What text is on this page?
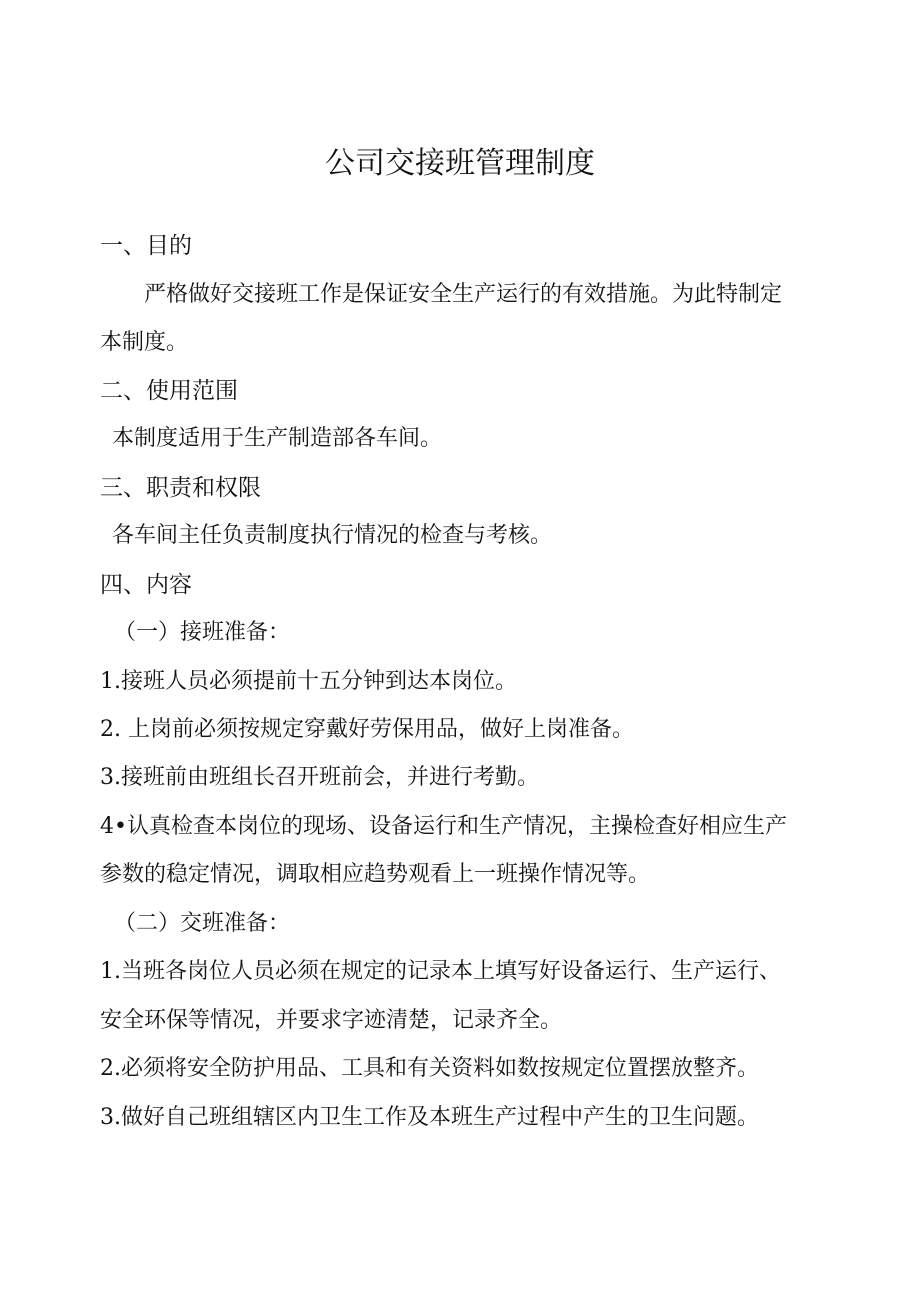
公司交接班管理制度
一、目的

严格做好交接班工作是保证安全生产运行的有效措施。为此特制定

本制度。

二、使用范围

本制度适用于生产制造部各车间。

三、职责和权限

各车间主任负责制度执行情况的检查与考核。

四、内容

（一）接班准备：

1.接班人员必须提前十五分钟到达本岗位。

2. 上岗前必须按规定穿戴好劳保用品，做好上岗准备。

3.接班前由班组长召开班前会，并进行考勤。

4•认真检查本岗位的现场、设备运行和生产情况，主操检查好相应生产

参数的稳定情况，调取相应趋势观看上一班操作情况等。

（二）交班准备：

1.当班各岗位人员必须在规定的记录本上填写好设备运行、生产运行、

安全环保等情况，并要求字迹清楚，记录齐全。

2.必须将安全防护用品、工具和有关资料如数按规定位置摆放整齐。

3.做好自己班组辖区内卫生工作及本班生产过程中产生的卫生问题。
